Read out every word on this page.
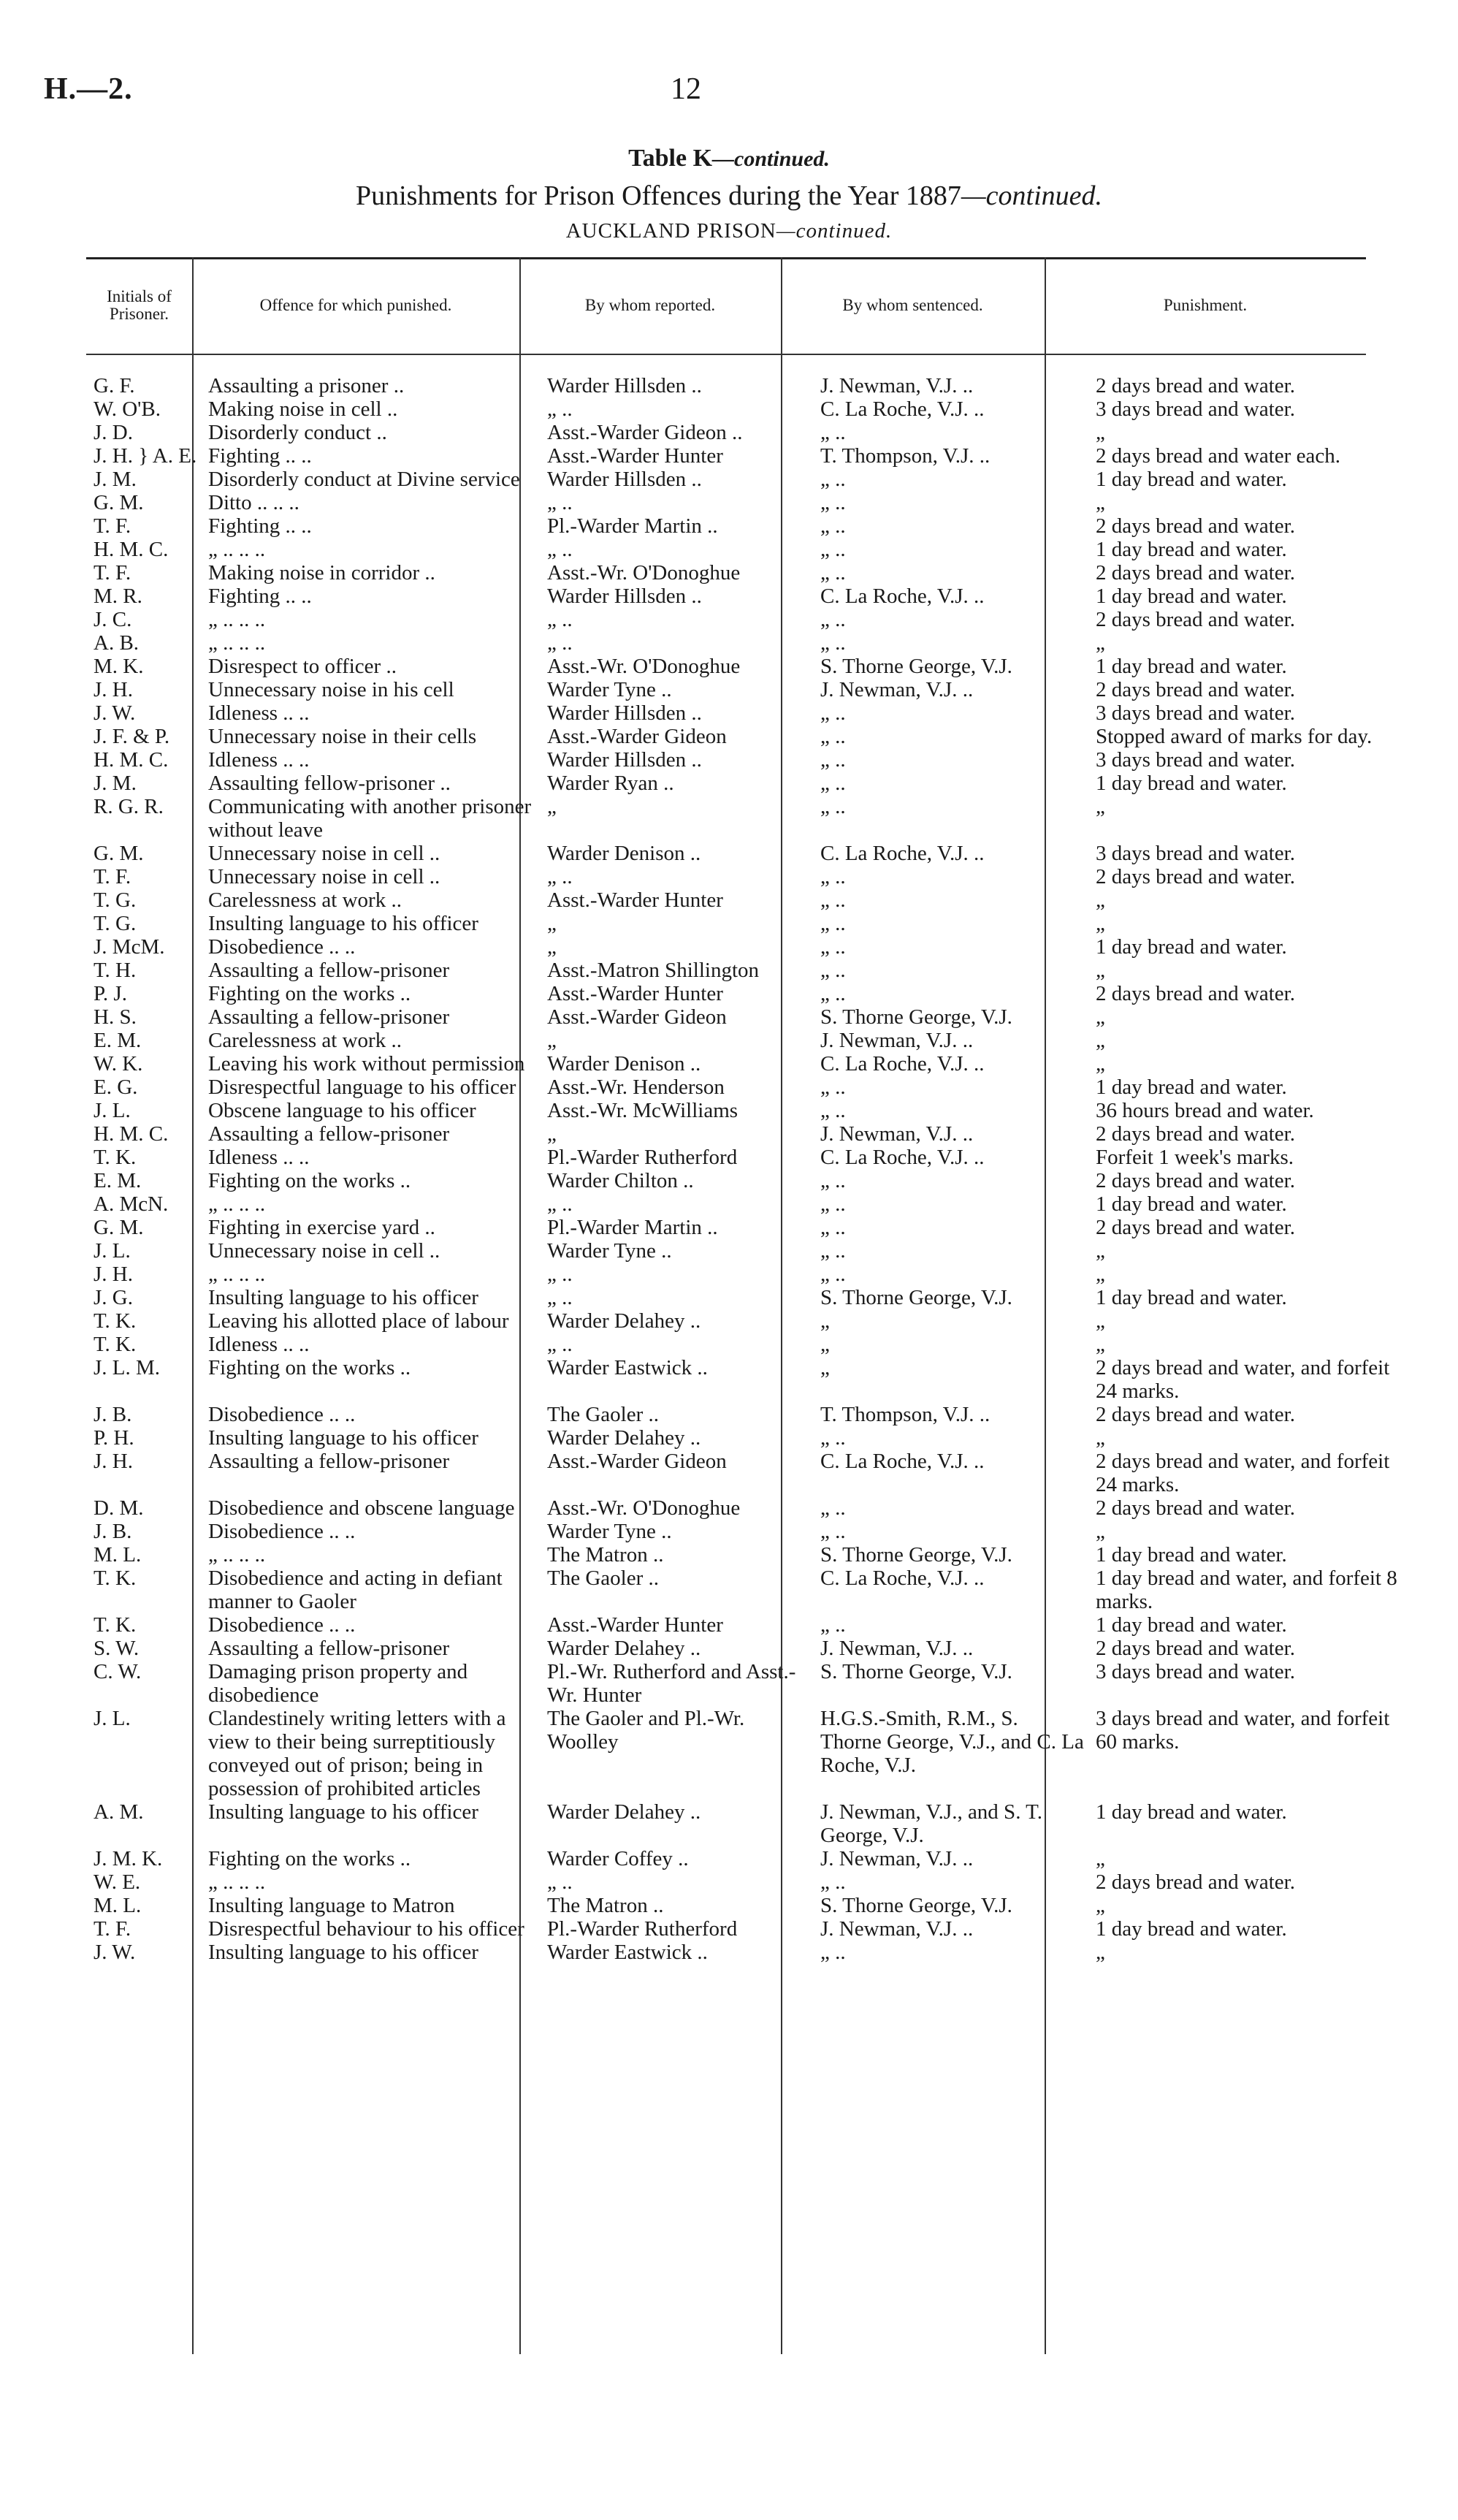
H.—2.	12
Table K—continued.
Punishments for Prison Offences during the Year 1887—continued.
AUCKLAND PRISON—continued.
Initials of Prisoner.	Offence for which punished.	By whom reported.	By whom sentenced.	Punishment.
G. F.	Assaulting a prisoner ..	Warder Hillsden ..	J. Newman, V.J. ..	2 days bread and water.
W. O'B.	Making noise in cell ..	„ ..	C. La Roche, V.J. ..	3 days bread and water.
J. D.	Disorderly conduct ..	Asst.-Warder Gideon ..	„ ..	„
J. H. } A. E.	Fighting .. ..	Asst.-Warder Hunter	T. Thompson, V.J. ..	2 days bread and water each.
J. M.	Disorderly conduct at Divine service	Warder Hillsden ..	„ ..	1 day bread and water.
G. M.	Ditto .. .. ..	„ ..	„ ..	„
T. F.	Fighting .. ..	Pl.-Warder Martin ..	„ ..	2 days bread and water.
H. M. C.	„ .. .. ..	„ ..	„ ..	1 day bread and water.
T. F.	Making noise in corridor ..	Asst.-Wr. O'Donoghue	„ ..	2 days bread and water.
M. R.	Fighting .. ..	Warder Hillsden ..	C. La Roche, V.J. ..	1 day bread and water.
J. C.	„ .. .. ..	„ ..	„ ..	2 days bread and water.
A. B.	„ .. .. ..	„ ..	„ ..	„
M. K.	Disrespect to officer ..	Asst.-Wr. O'Donoghue	S. Thorne George, V.J.	1 day bread and water.
J. H.	Unnecessary noise in his cell	Warder Tyne ..	J. Newman, V.J. ..	2 days bread and water.
J. W.	Idleness .. ..	Warder Hillsden ..	„ ..	3 days bread and water.
J. F. & P.	Unnecessary noise in their cells	Asst.-Warder Gideon	„ ..	Stopped award of marks for day.
H. M. C.	Idleness .. ..	Warder Hillsden ..	„ ..	3 days bread and water.
J. M.	Assaulting fellow-prisoner ..	Warder Ryan ..	„ ..	1 day bread and water.
R. G. R.	Communicating with another prisoner without leave	„	„ ..	„
G. M.	Unnecessary noise in cell ..	Warder Denison ..	C. La Roche, V.J. ..	3 days bread and water.
T. F.	Unnecessary noise in cell ..	„ ..	„ ..	2 days bread and water.
T. G.	Carelessness at work ..	Asst.-Warder Hunter	„ ..	„
T. G.	Insulting language to his officer	„	„ ..	„
J. McM.	Disobedience .. ..	„	„ ..	1 day bread and water.
T. H.	Assaulting a fellow-prisoner	Asst.-Matron Shillington	„ ..	„
P. J.	Fighting on the works ..	Asst.-Warder Hunter	„ ..	2 days bread and water.
H. S.	Assaulting a fellow-prisoner	Asst.-Warder Gideon	S. Thorne George, V.J.	„
E. M.	Carelessness at work ..	„	J. Newman, V.J. ..	„
W. K.	Leaving his work without permission	Warder Denison ..	C. La Roche, V.J. ..	„
E. G.	Disrespectful language to his officer	Asst.-Wr. Henderson	„ ..	1 day bread and water.
J. L.	Obscene language to his officer	Asst.-Wr. McWilliams	„ ..	36 hours bread and water.
H. M. C.	Assaulting a fellow-prisoner	„	J. Newman, V.J. ..	2 days bread and water.
T. K.	Idleness .. ..	Pl.-Warder Rutherford	C. La Roche, V.J. ..	Forfeit 1 week's marks.
E. M.	Fighting on the works ..	Warder Chilton ..	„ ..	2 days bread and water.
A. McN.	„ .. .. ..	„ ..	„ ..	1 day bread and water.
G. M.	Fighting in exercise yard ..	Pl.-Warder Martin ..	„ ..	2 days bread and water.
J. L.	Unnecessary noise in cell ..	Warder Tyne ..	„ ..	„
J. H.	„ .. .. ..	„ ..	„ ..	„
J. G.	Insulting language to his officer	„ ..	S. Thorne George, V.J.	1 day bread and water.
T. K.	Leaving his allotted place of labour	Warder Delahey ..	„	„
T. K.	Idleness .. ..	„ ..	„	„
J. L. M.	Fighting on the works ..	Warder Eastwick ..	„	2 days bread and water, and forfeit 24 marks.
J. B.	Disobedience .. ..	The Gaoler ..	T. Thompson, V.J. ..	2 days bread and water.
P. H.	Insulting language to his officer	Warder Delahey ..	„ ..	„
J. H.	Assaulting a fellow-prisoner	Asst.-Warder Gideon	C. La Roche, V.J. ..	2 days bread and water, and forfeit 24 marks.
D. M.	Disobedience and obscene language	Asst.-Wr. O'Donoghue	„ ..	2 days bread and water.
J. B.	Disobedience .. ..	Warder Tyne ..	„ ..	„
M. L.	„ .. .. ..	The Matron ..	S. Thorne George, V.J.	1 day bread and water.
T. K.	Disobedience and acting in defiant manner to Gaoler	The Gaoler ..	C. La Roche, V.J. ..	1 day bread and water, and forfeit 8 marks.
T. K.	Disobedience .. ..	Asst.-Warder Hunter	„ ..	1 day bread and water.
S. W.	Assaulting a fellow-prisoner	Warder Delahey ..	J. Newman, V.J. ..	2 days bread and water.
C. W.	Damaging prison property and disobedience	Pl.-Wr. Rutherford and Asst.-Wr. Hunter	S. Thorne George, V.J.	3 days bread and water.
J. L.	Clandestinely writing letters with a view to their being surreptitiously conveyed out of prison; being in possession of prohibited articles	The Gaoler and Pl.-Wr. Woolley	H.G.S.-Smith, R.M., S. Thorne George, V.J., and C. La Roche, V.J.	3 days bread and water, and forfeit 60 marks.
A. M.	Insulting language to his officer	Warder Delahey ..	J. Newman, V.J., and S. T. George, V.J.	1 day bread and water.
J. M. K.	Fighting on the works ..	Warder Coffey ..	J. Newman, V.J. ..	„
W. E.	„ .. .. ..	„ ..	„ ..	2 days bread and water.
M. L.	Insulting language to Matron	The Matron ..	S. Thorne George, V.J.	„
T. F.	Disrespectful behaviour to his officer	Pl.-Warder Rutherford	J. Newman, V.J. ..	1 day bread and water.
J. W.	Insulting language to his officer	Warder Eastwick ..	„ ..	„
